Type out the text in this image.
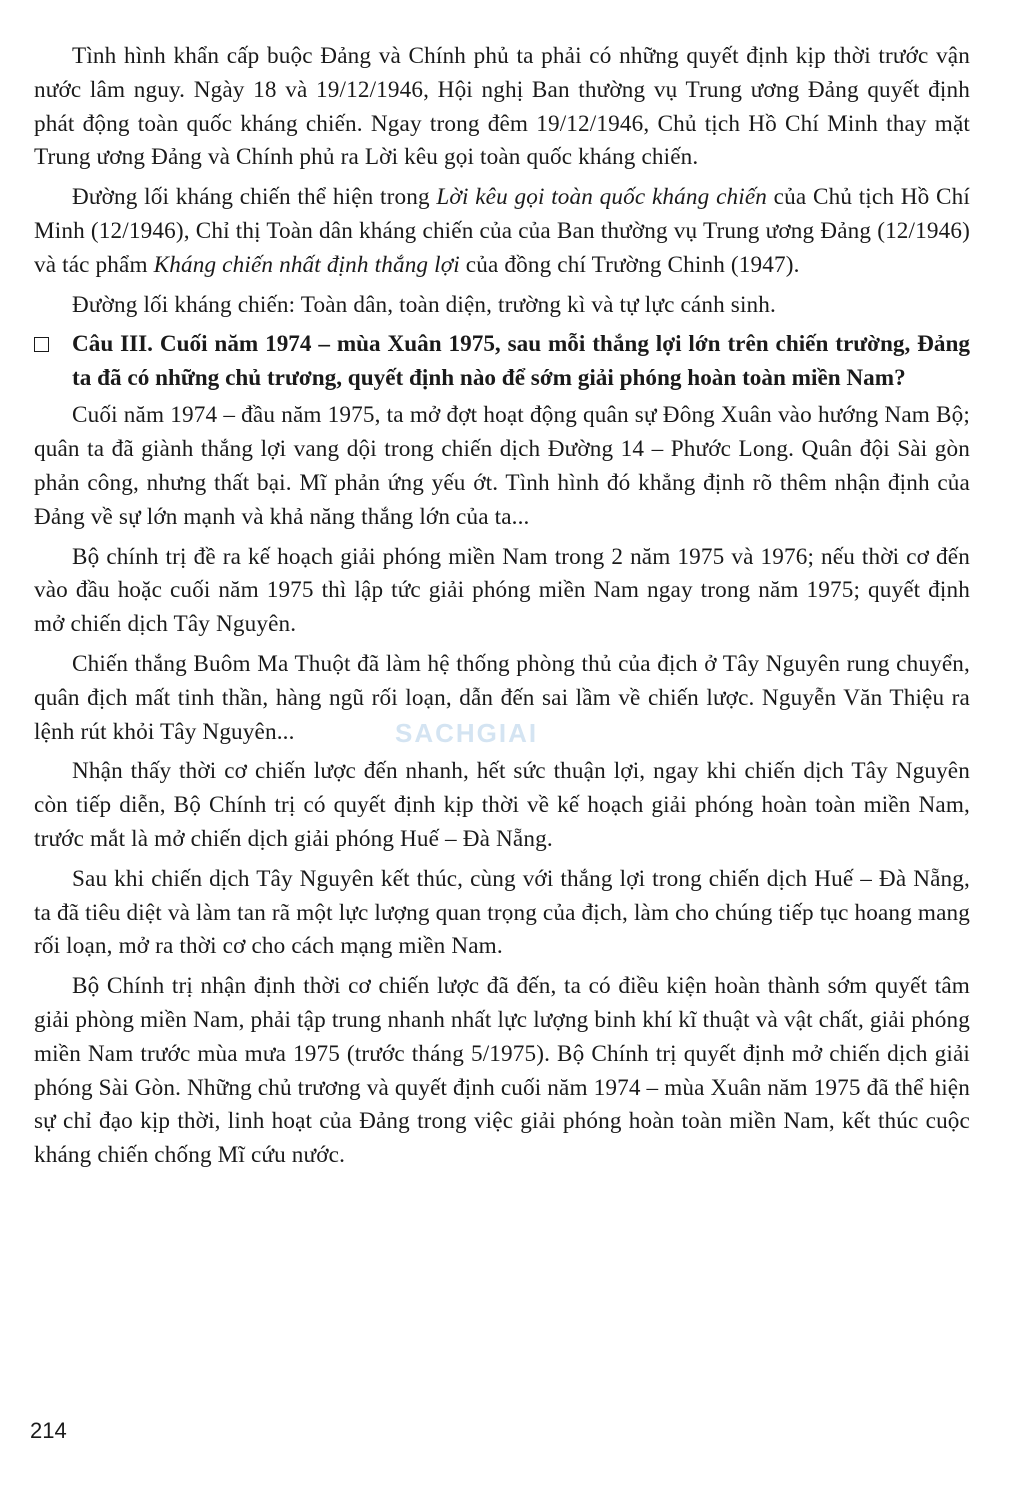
Tình hình khẩn cấp buộc Đảng và Chính phủ ta phải có những quyết định kịp thời trước vận nước lâm nguy. Ngày 18 và 19/12/1946, Hội nghị Ban thường vụ Trung ương Đảng quyết định phát động toàn quốc kháng chiến. Ngay trong đêm 19/12/1946, Chủ tịch Hồ Chí Minh thay mặt Trung ương Đảng và Chính phủ ra Lời kêu gọi toàn quốc kháng chiến.

Đường lối kháng chiến thể hiện trong Lời kêu gọi toàn quốc kháng chiến của Chủ tịch Hồ Chí Minh (12/1946), Chỉ thị Toàn dân kháng chiến của của Ban thường vụ Trung ương Đảng (12/1946) và tác phẩm Kháng chiến nhất định thắng lợi của đồng chí Trường Chinh (1947).

Đường lối kháng chiến: Toàn dân, toàn diện, trường kì và tự lực cánh sinh.

Câu III. Cuối năm 1974 – mùa Xuân 1975, sau mỗi thắng lợi lớn trên chiến trường, Đảng ta đã có những chủ trương, quyết định nào để sớm giải phóng hoàn toàn miền Nam?

Cuối năm 1974 – đầu năm 1975, ta mở đợt hoạt động quân sự Đông Xuân vào hướng Nam Bộ; quân ta đã giành thắng lợi vang dội trong chiến dịch Đường 14 – Phước Long. Quân đội Sài gòn phản công, nhưng thất bại. Mĩ phản ứng yếu ớt. Tình hình đó khẳng định rõ thêm nhận định của Đảng về sự lớn mạnh và khả năng thắng lớn của ta...

Bộ chính trị đề ra kế hoạch giải phóng miền Nam trong 2 năm 1975 và 1976; nếu thời cơ đến vào đầu hoặc cuối năm 1975 thì lập tức giải phóng miền Nam ngay trong năm 1975; quyết định mở chiến dịch Tây Nguyên.

Chiến thắng Buôm Ma Thuột đã làm hệ thống phòng thủ của địch ở Tây Nguyên rung chuyển, quân địch mất tinh thần, hàng ngũ rối loạn, dẫn đến sai lầm về chiến lược. Nguyễn Văn Thiệu ra lệnh rút khỏi Tây Nguyên...

Nhận thấy thời cơ chiến lược đến nhanh, hết sức thuận lợi, ngay khi chiến dịch Tây Nguyên còn tiếp diễn, Bộ Chính trị có quyết định kịp thời về kế hoạch giải phóng hoàn toàn miền Nam, trước mắt là mở chiến dịch giải phóng Huế – Đà Nẵng.

Sau khi chiến dịch Tây Nguyên kết thúc, cùng với thắng lợi trong chiến dịch Huế – Đà Nẵng, ta đã tiêu diệt và làm tan rã một lực lượng quan trọng của địch, làm cho chúng tiếp tục hoang mang rối loạn, mở ra thời cơ cho cách mạng miền Nam.

Bộ Chính trị nhận định thời cơ chiến lược đã đến, ta có điều kiện hoàn thành sớm quyết tâm giải phòng miền Nam, phải tập trung nhanh nhất lực lượng binh khí kĩ thuật và vật chất, giải phóng miền Nam trước mùa mưa 1975 (trước tháng 5/1975). Bộ Chính trị quyết định mở chiến dịch giải phóng Sài Gòn. Những chủ trương và quyết định cuối năm 1974 – mùa Xuân năm 1975 đã thể hiện sự chỉ đạo kịp thời, linh hoạt của Đảng trong việc giải phóng hoàn toàn miền Nam, kết thúc cuộc kháng chiến chống Mĩ cứu nước.

SACHGIAI
214
